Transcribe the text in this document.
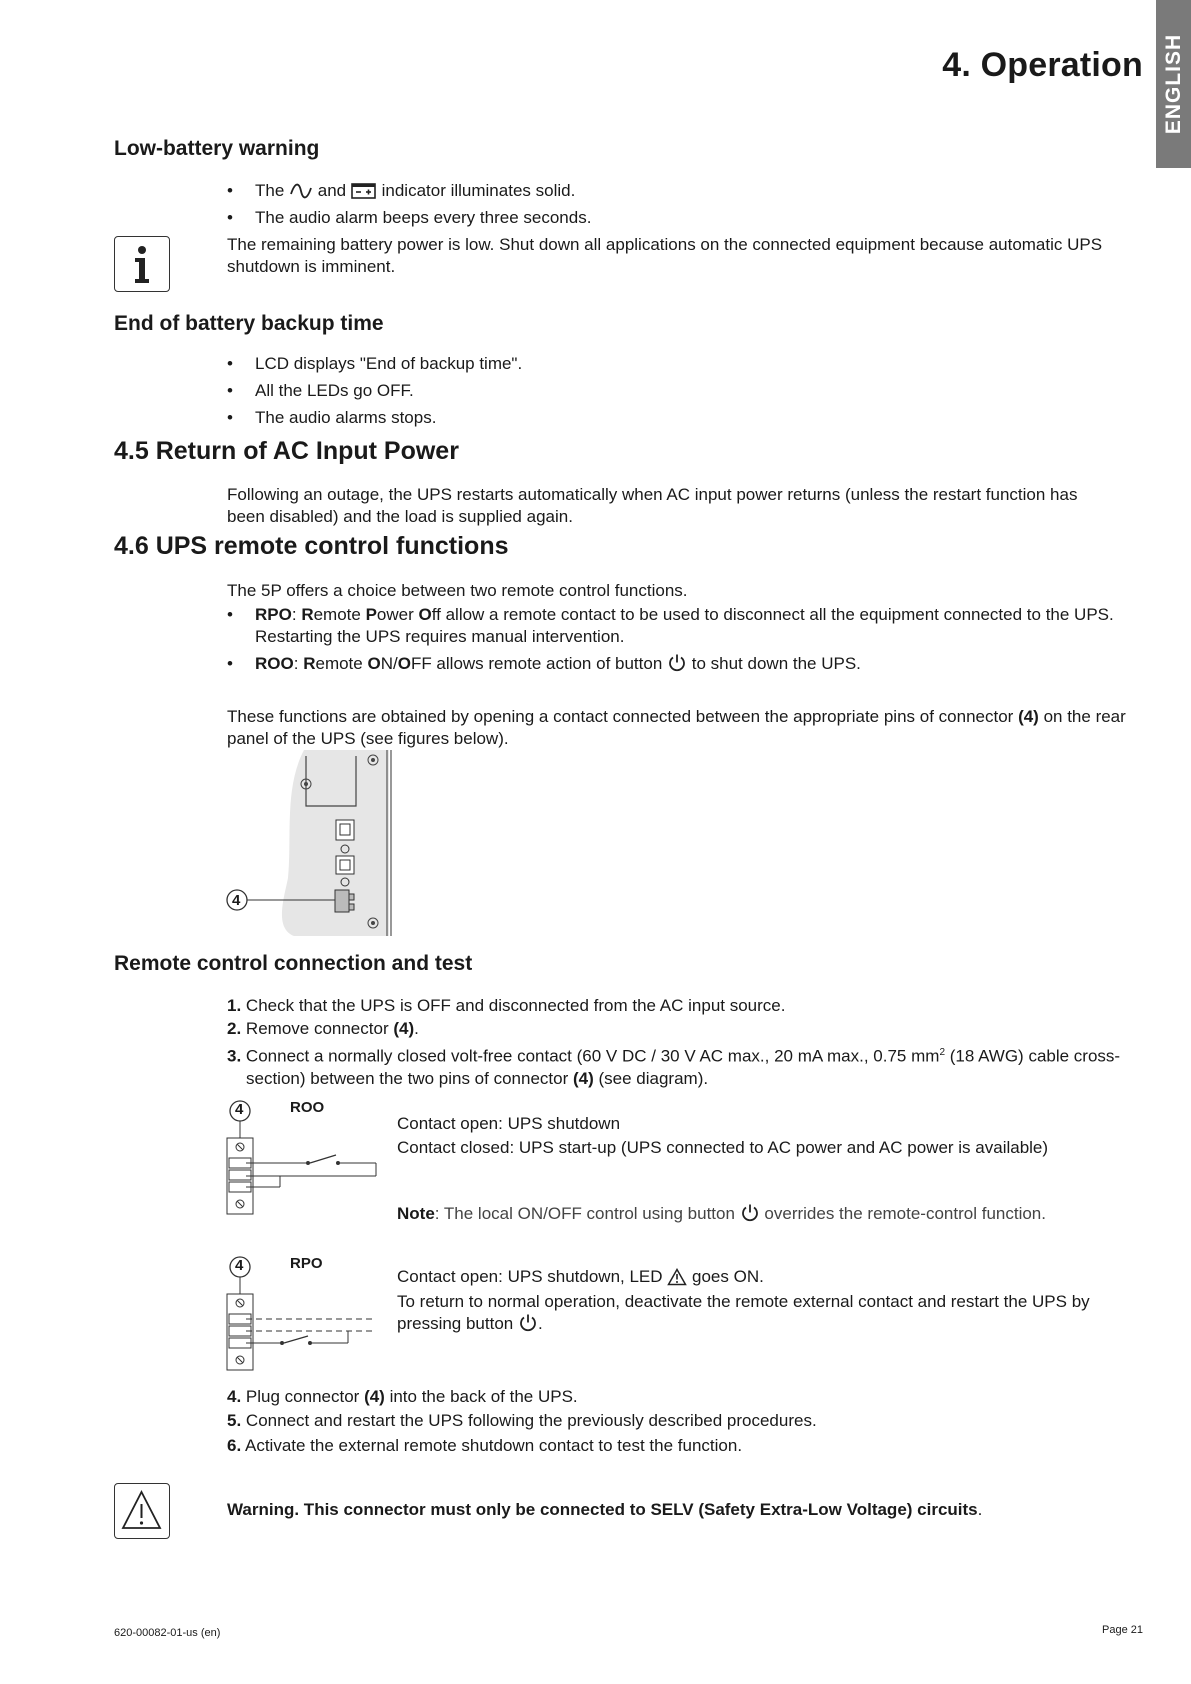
4. Operation ENGLISH
Low-battery warning
• The and indicator illuminates solid.
• The audio alarm beeps every three seconds.

The remaining battery power is low. Shut down all applications on the connected equipment because automatic UPS shutdown is imminent.

End of battery backup time
• LCD displays "End of backup time".
• All the LEDs go OFF.
• The audio alarms stops.
4.5 Return of AC Input Power

Following an outage, the UPS restarts automatically when AC input power returns (unless the restart function has been disabled) and the load is supplied again.

4.6 UPS remote control functions

The 5P offers a choice between two remote control functions.

• RPO: Remote Power Off allow a remote contact to be used to disconnect all the equipment connected to the UPS. Restarting the UPS requires manual intervention.
• ROO: Remote ON/OFF allows remote action of button to shut down the UPS.

These functions are obtained by opening a contact connected between the appropriate pins of connector (4) on the rear panel of the UPS (see figures below).

4
Remote control connection and test

1. Check that the UPS is OFF and disconnected from the AC input source.

2. Remove connector (4).

3. Connect a normally closed volt-free contact (60 V DC / 30 V AC max., 20 mA max., 0.75 $mm^2$ (18 AWG) cable cross-section) between the two pins of connector (4) (see diagram).

4	ROO

Contact open: UPS shutdown

Contact closed: UPS start-up (UPS connected to AC power and AC power is available)

Note: The local ON/OFF control using button overrides the remote-control function.

4	RPO

Contact open: UPS shutdown, LED goes ON.

To return to normal operation, deactivate the remote external contact and restart the UPS by pressing button .

4. Plug connector (4) into the back of the UPS.

5. Connect and restart the UPS following the previously described procedures.

6. Activate the external remote shutdown contact to test the function.

Warning. This connector must only be connected to SELV (Safety Extra-Low Voltage) circuits.

620-00082-01-us (en)	Page 21
